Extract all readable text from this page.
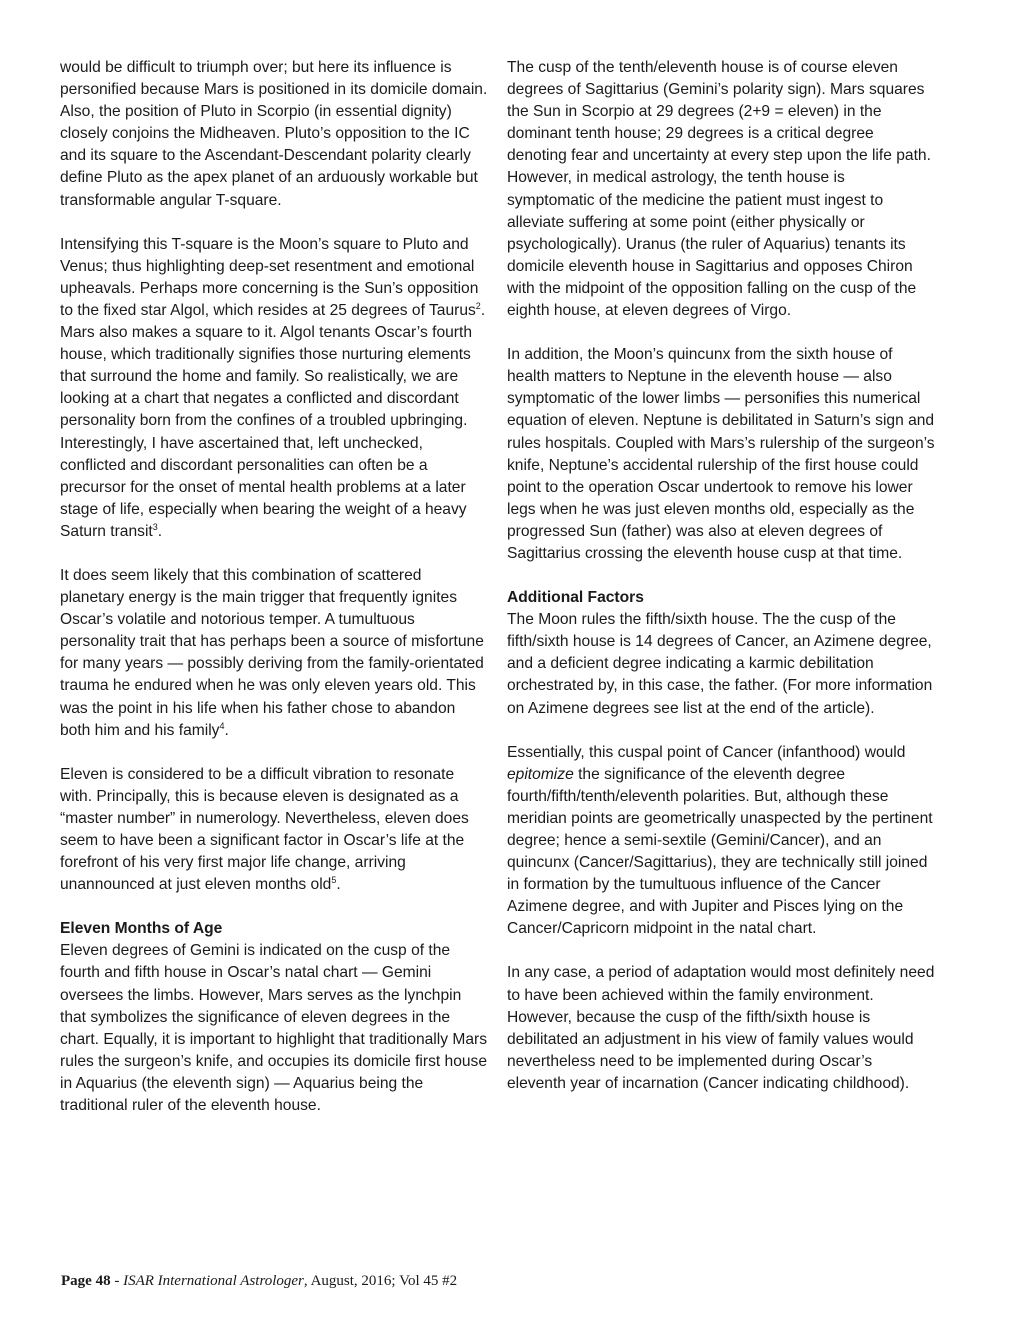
would be difficult to triumph over; but here its influence is personified because Mars is positioned in its domicile domain. Also, the position of Pluto in Scorpio (in essential dignity) closely conjoins the Midheaven. Pluto’s opposition to the IC and its square to the Ascendant-Descendant polarity clearly define Pluto as the apex planet of an arduously workable but transformable angular T-square.

Intensifying this T-square is the Moon’s square to Pluto and Venus; thus highlighting deep-set resentment and emotional upheavals. Perhaps more concerning is the Sun’s opposition to the fixed star Algol, which resides at 25 degrees of Taurus$^2$. Mars also makes a square to it. Algol tenants Oscar’s fourth house, which traditionally signifies those nurturing elements that surround the home and family. So realistically, we are looking at a chart that negates a conflicted and discordant personality born from the confines of a troubled upbringing. Interestingly, I have ascertained that, left unchecked, conflicted and discordant personalities can often be a precursor for the onset of mental health problems at a later stage of life, especially when bearing the weight of a heavy Saturn transit$^3$.

It does seem likely that this combination of scattered planetary energy is the main trigger that frequently ignites Oscar’s volatile and notorious temper. A tumultuous personality trait that has perhaps been a source of misfortune for many years — possibly deriving from the family-orientated trauma he endured when he was only eleven years old. This was the point in his life when his father chose to abandon both him and his family$^4$.

Eleven is considered to be a difficult vibration to resonate with. Principally, this is because eleven is designated as a “master number” in numerology. Nevertheless, eleven does seem to have been a significant factor in Oscar’s life at the forefront of his very first major life change, arriving unannounced at just eleven months old$^5$.

Eleven Months of Age

Eleven degrees of Gemini is indicated on the cusp of the fourth and fifth house in Oscar’s natal chart — Gemini oversees the limbs. However, Mars serves as the lynchpin that symbolizes the significance of eleven degrees in the chart. Equally, it is important to highlight that traditionally Mars rules the surgeon’s knife, and occupies its domicile first house in Aquarius (the eleventh sign) — Aquarius being the traditional ruler of the eleventh house.

The cusp of the tenth/eleventh house is of course eleven degrees of Sagittarius (Gemini’s polarity sign). Mars squares the Sun in Scorpio at 29 degrees (2+9 = eleven) in the dominant tenth house; 29 degrees is a critical degree denoting fear and uncertainty at every step upon the life path. However, in medical astrology, the tenth house is symptomatic of the medicine the patient must ingest to alleviate suffering at some point (either physically or psychologically). Uranus (the ruler of Aquarius) tenants its domicile eleventh house in Sagittarius and opposes Chiron with the midpoint of the opposition falling on the cusp of the eighth house, at eleven degrees of Virgo.

In addition, the Moon’s quincunx from the sixth house of health matters to Neptune in the eleventh house — also symptomatic of the lower limbs — personifies this numerical equation of eleven. Neptune is debilitated in Saturn’s sign and rules hospitals. Coupled with Mars’s rulership of the surgeon’s knife, Neptune’s accidental rulership of the first house could point to the operation Oscar undertook to remove his lower legs when he was just eleven months old, especially as the progressed Sun (father) was also at eleven degrees of Sagittarius crossing the eleventh house cusp at that time.

Additional Factors

The Moon rules the fifth/sixth house. The the cusp of the fifth/sixth house is 14 degrees of Cancer, an Azimene degree, and a deficient degree indicating a karmic debilitation orchestrated by, in this case, the father. (For more information on Azimene degrees see list at the end of the article).

Essentially, this cuspal point of Cancer (infanthood) would epitomize the significance of the eleventh degree fourth/fifth/tenth/eleventh polarities. But, although these meridian points are geometrically unaspected by the pertinent degree; hence a semi-sextile (Gemini/Cancer), and an quincunx (Cancer/Sagittarius), they are technically still joined in formation by the tumultuous influence of the Cancer Azimene degree, and with Jupiter and Pisces lying on the Cancer/Capricorn midpoint in the natal chart.

In any case, a period of adaptation would most definitely need to have been achieved within the family environment. However, because the cusp of the fifth/sixth house is debilitated an adjustment in his view of family values would nevertheless need to be implemented during Oscar’s eleventh year of incarnation (Cancer indicating childhood).

Page 48 - ISAR International Astrologer, August, 2016; Vol 45 #2
